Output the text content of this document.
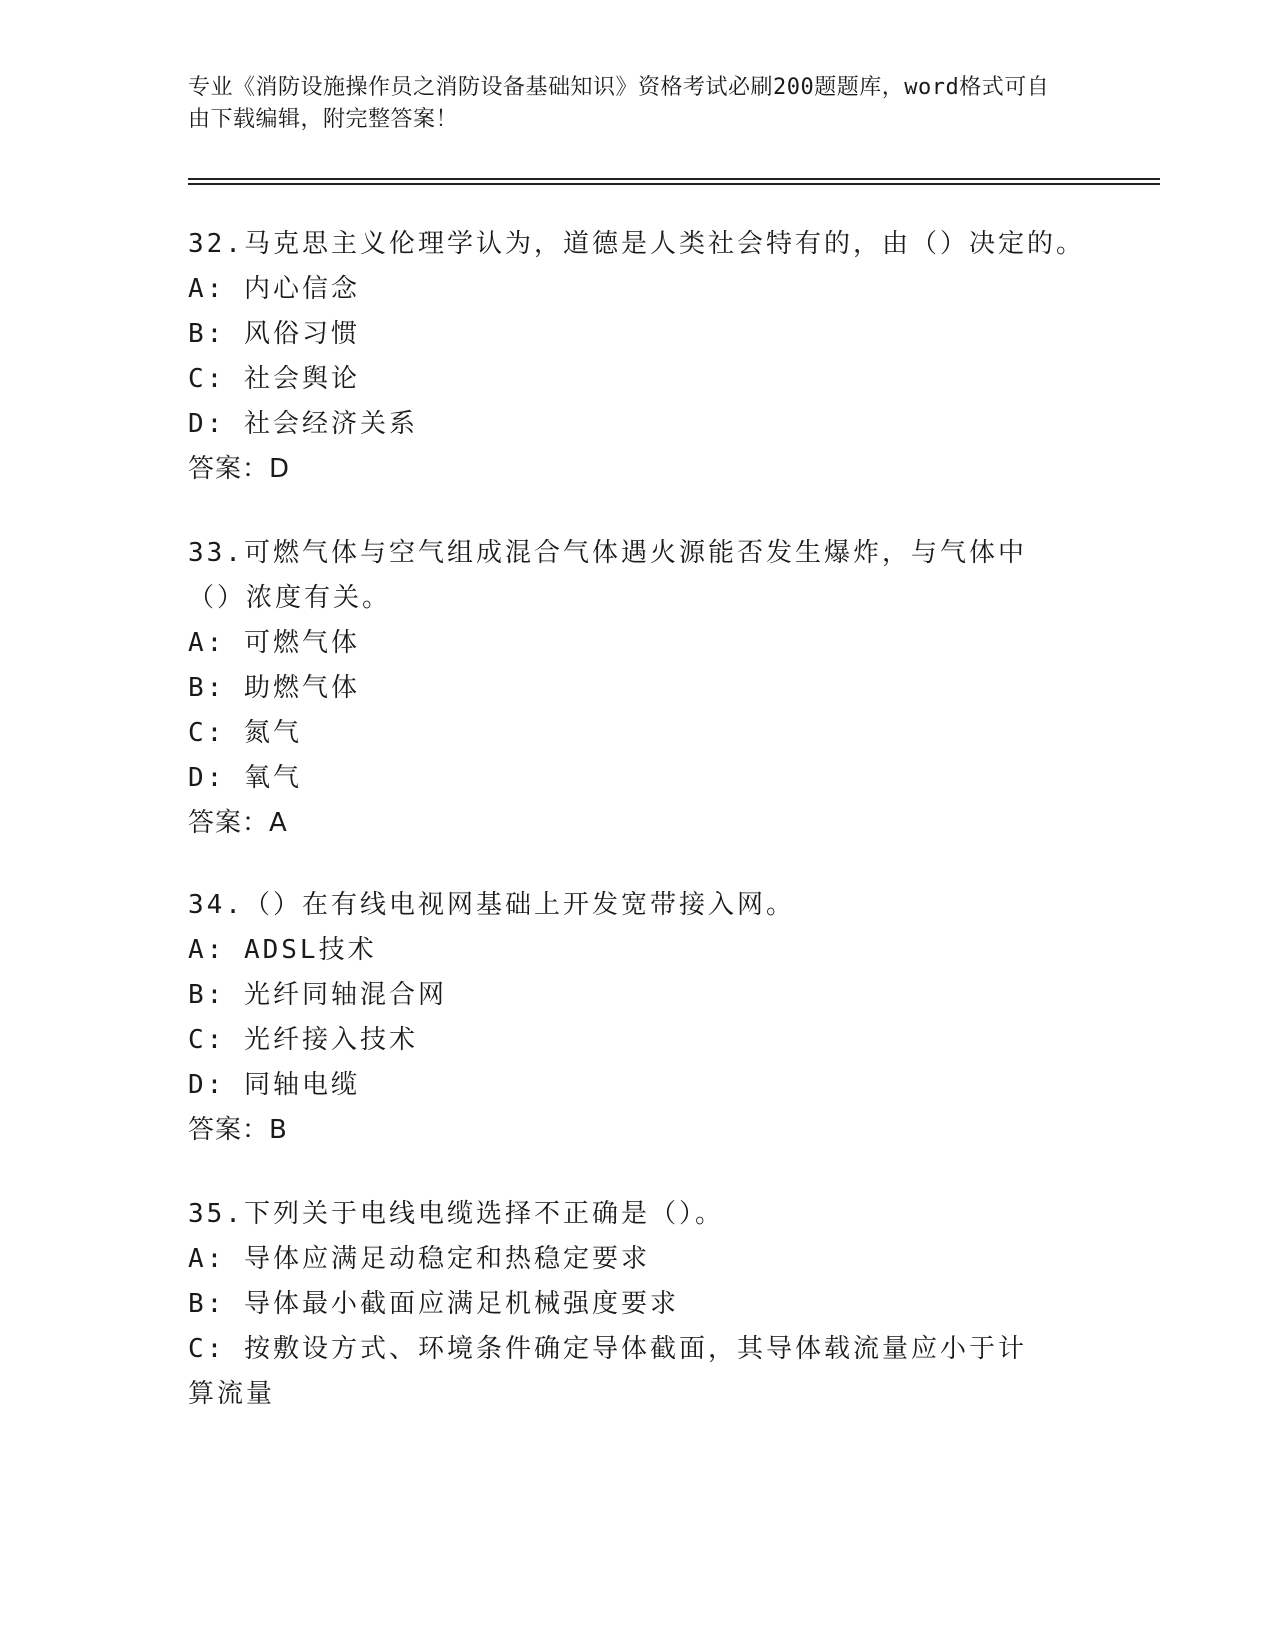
专业《消防设施操作员之消防设备基础知识》资格考试必刷200题题库，word格式可自由下载编辑，附完整答案！
32.马克思主义伦理学认为，道德是人类社会特有的，由（）决定的。
A: 内心信念
B: 风俗习惯
C: 社会舆论
D: 社会经济关系
答案：D
33.可燃气体与空气组成混合气体遇火源能否发生爆炸，与气体中（）浓度有关。
A: 可燃气体
B: 助燃气体
C: 氮气
D: 氧气
答案：A
34.（）在有线电视网基础上开发宽带接入网。
A: ADSL技术
B: 光纤同轴混合网
C: 光纤接入技术
D: 同轴电缆
答案：B
35.下列关于电线电缆选择不正确是（）。
A: 导体应满足动稳定和热稳定要求
B: 导体最小截面应满足机械强度要求
C: 按敷设方式、环境条件确定导体截面，其导体载流量应小于计算流量
